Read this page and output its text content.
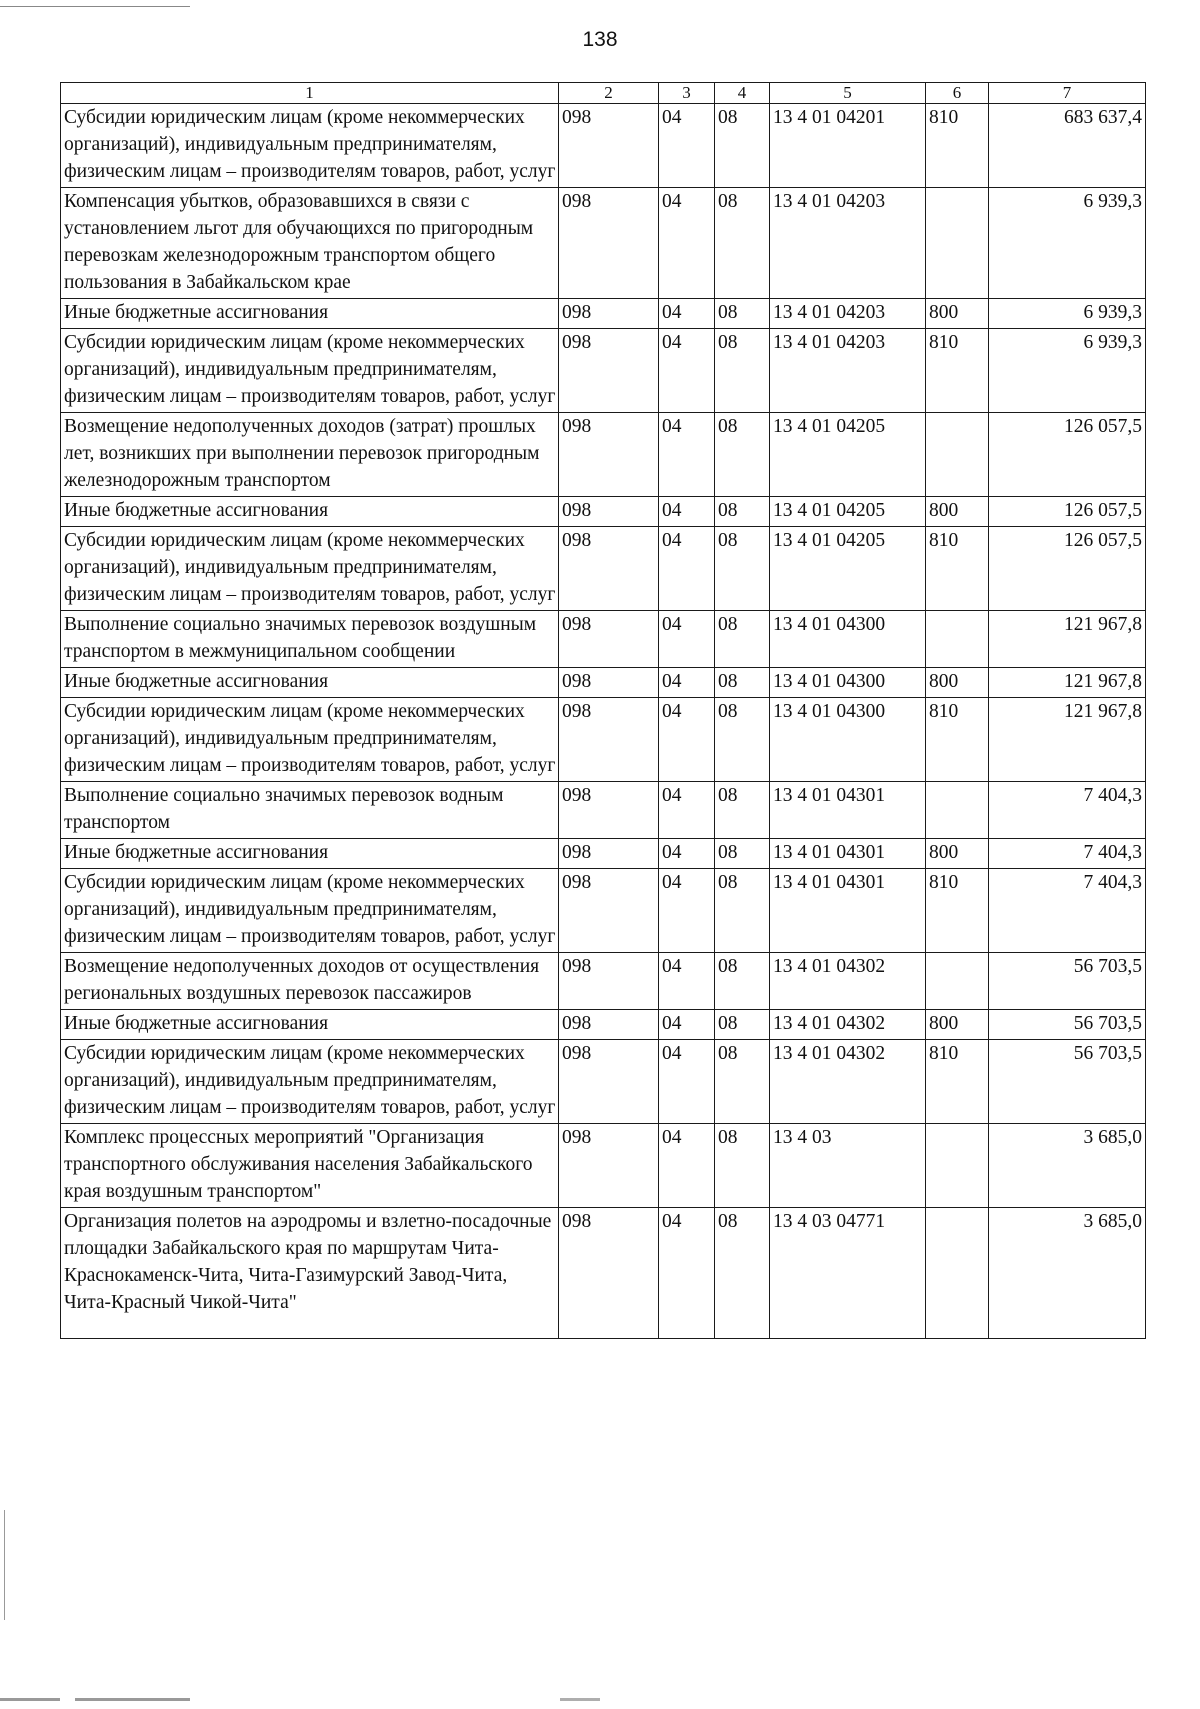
138
1	2	3	4	5	6	7
Субсидии юридическим лицам (кроме некоммерческих организаций), индивидуальным предпринимателям, физическим лицам – производителям товаров, работ, услуг	098	04	08	13 4 01 04201	810	683 637,4
Компенсация убытков, образовавшихся в связи с установлением льгот для обучающихся по пригородным перевозкам железнодорожным транспортом общего пользования в Забайкальском крае	098	04	08	13 4 01 04203		6 939,3
Иные бюджетные ассигнования	098	04	08	13 4 01 04203	800	6 939,3
Субсидии юридическим лицам (кроме некоммерческих организаций), индивидуальным предпринимателям, физическим лицам – производителям товаров, работ, услуг	098	04	08	13 4 01 04203	810	6 939,3
Возмещение недополученных доходов (затрат) прошлых лет, возникших при выполнении перевозок пригородным железнодорожным транспортом	098	04	08	13 4 01 04205		126 057,5
Иные бюджетные ассигнования	098	04	08	13 4 01 04205	800	126 057,5
Субсидии юридическим лицам (кроме некоммерческих организаций), индивидуальным предпринимателям, физическим лицам – производителям товаров, работ, услуг	098	04	08	13 4 01 04205	810	126 057,5
Выполнение социально значимых перевозок воздушным транспортом в межмуниципальном сообщении	098	04	08	13 4 01 04300		121 967,8
Иные бюджетные ассигнования	098	04	08	13 4 01 04300	800	121 967,8
Субсидии юридическим лицам (кроме некоммерческих организаций), индивидуальным предпринимателям, физическим лицам – производителям товаров, работ, услуг	098	04	08	13 4 01 04300	810	121 967,8
Выполнение социально значимых перевозок водным транспортом	098	04	08	13 4 01 04301		7 404,3
Иные бюджетные ассигнования	098	04	08	13 4 01 04301	800	7 404,3
Субсидии юридическим лицам (кроме некоммерческих организаций), индивидуальным предпринимателям, физическим лицам – производителям товаров, работ, услуг	098	04	08	13 4 01 04301	810	7 404,3
Возмещение недополученных доходов от осуществления региональных воздушных перевозок пассажиров	098	04	08	13 4 01 04302		56 703,5
Иные бюджетные ассигнования	098	04	08	13 4 01 04302	800	56 703,5
Субсидии юридическим лицам (кроме некоммерческих организаций), индивидуальным предпринимателям, физическим лицам – производителям товаров, работ, услуг	098	04	08	13 4 01 04302	810	56 703,5
Комплекс процессных мероприятий "Организация транспортного обслуживания населения Забайкальского края воздушным транспортом"	098	04	08	13 4 03		3 685,0
Организация полетов на аэродромы и взлетно-посадочные площадки Забайкальского края по маршрутам Чита-Краснокаменск-Чита, Чита-Газимурский Завод-Чита, Чита-Красный Чикой-Чита"	098	04	08	13 4 03 04771		3 685,0
